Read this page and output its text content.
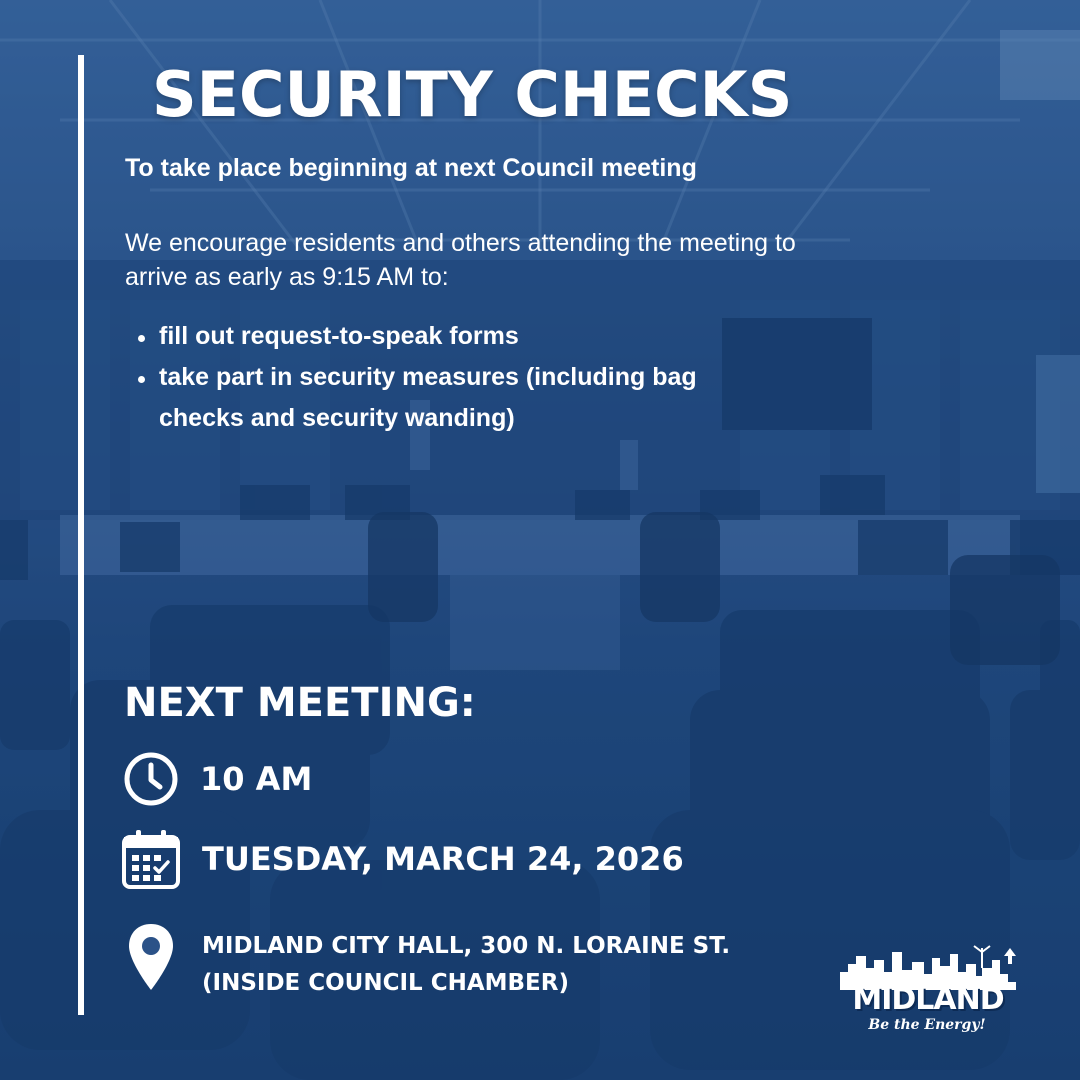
SECURITY CHECKS
To take place beginning at next Council meeting

We encourage residents and others attending the meeting to arrive as early as 9:15 AM to:

fill out request-to-speak forms
take part in security measures (including bag checks and security wanding)
NEXT MEETING:
10 AM
TUESDAY, MARCH 24, 2026
MIDLAND CITY HALL, 300 N. LORAINE ST.
(INSIDE COUNCIL CHAMBER)	MIDLAND
Be the Energy!
